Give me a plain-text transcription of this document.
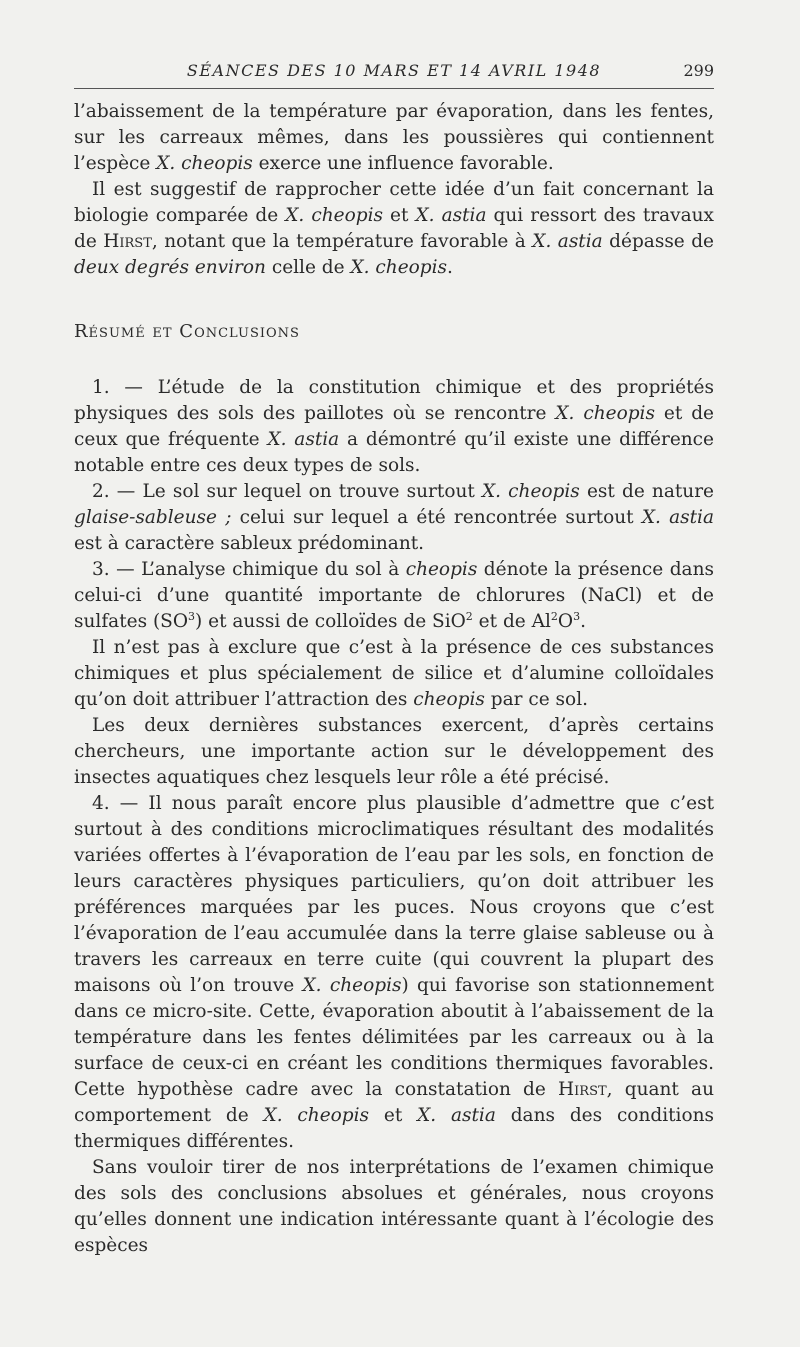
SÉANCES DES 10 MARS ET 14 AVRIL 1948	299

l’abaissement de la température par évaporation, dans les fentes, sur les carreaux mêmes, dans les poussières qui contiennent l’espèce X. cheopis exerce une influence favorable.

Il est suggestif de rapprocher cette idée d’un fait concernant la biologie comparée de X. cheopis et X. astia qui ressort des travaux de Hirst, notant que la température favorable à X. astia dépasse de deux degrés environ celle de X. cheopis.

Résumé et Conclusions

1. — L’étude de la constitution chimique et des propriétés physiques des sols des paillotes où se rencontre X. cheopis et de ceux que fréquente X. astia a démontré qu’il existe une différence notable entre ces deux types de sols.

2. — Le sol sur lequel on trouve surtout X. cheopis est de nature glaise-sableuse ; celui sur lequel a été rencontrée surtout X. astia est à caractère sableux prédominant.

3. — L’analyse chimique du sol à cheopis dénote la présence dans celui-ci d’une quantité importante de chlorures (NaCl) et de sulfates $(SO^3)$ et aussi de colloïdes de SiO$^2$ et de $Al^2O^3$.

Il n’est pas à exclure que c’est à la présence de ces substances chimiques et plus spécialement de silice et d’alumine colloïdales qu’on doit attribuer l’attraction des cheopis par ce sol.

Les deux dernières substances exercent, d’après certains chercheurs, une importante action sur le développement des insectes aquatiques chez lesquels leur rôle a été précisé.

4. — Il nous paraît encore plus plausible d’admettre que c’est surtout à des conditions microclimatiques résultant des modalités variées offertes à l’évaporation de l’eau par les sols, en fonction de leurs caractères physiques particuliers, qu’on doit attribuer les préférences marquées par les puces. Nous croyons que c’est l’évaporation de l’eau accumulée dans la terre glaise sableuse ou à travers les carreaux en terre cuite (qui couvrent la plupart des maisons où l’on trouve X. cheopis) qui favorise son stationnement dans ce micro-site. Cette, évaporation aboutit à l’abaissement de la température dans les fentes délimitées par les carreaux ou à la surface de ceux-ci en créant les conditions thermiques favorables. Cette hypothèse cadre avec la constatation de Hirst, quant au comportement de X. cheopis et X. astia dans des conditions thermiques différentes.

Sans vouloir tirer de nos interprétations de l’examen chimique des sols des conclusions absolues et générales, nous croyons qu’elles donnent une indication intéressante quant à l’écologie des espèces
